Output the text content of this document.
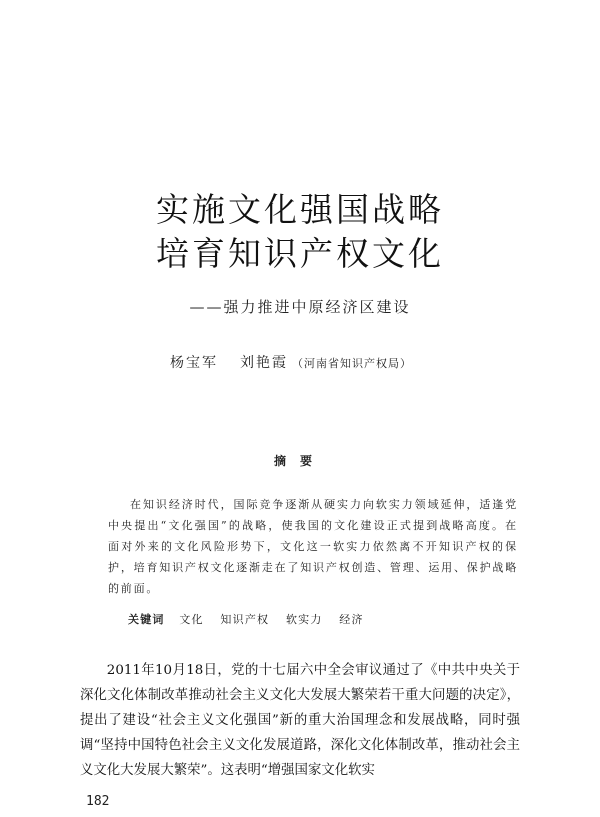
实施文化强国战略
培育知识产权文化
——强力推进中原经济区建设
杨宝军 刘艳霞 （河南省知识产权局）
摘要

在知识经济时代，国际竞争逐渐从硬实力向软实力领域延伸，适逢党中央提出“文化强国”的战略，使我国的文化建设正式提到战略高度。在面对外来的文化风险形势下，文化这一软实力依然离不开知识产权的保护，培育知识产权文化逐渐走在了知识产权创造、管理、运用、保护战略的前面。

关键词 文化 知识产权 软实力 经济

2011年10月18日，党的十七届六中全会审议通过了《中共中央关于深化文化体制改革推动社会主义文化大发展大繁荣若干重大问题的决定》，提出了建设“社会主义文化强国”新的重大治国理念和发展战略，同时强调“坚持中国特色社会主义文化发展道路，深化文化体制改革，推动社会主义文化大发展大繁荣”。这表明“增强国家文化软实

182
